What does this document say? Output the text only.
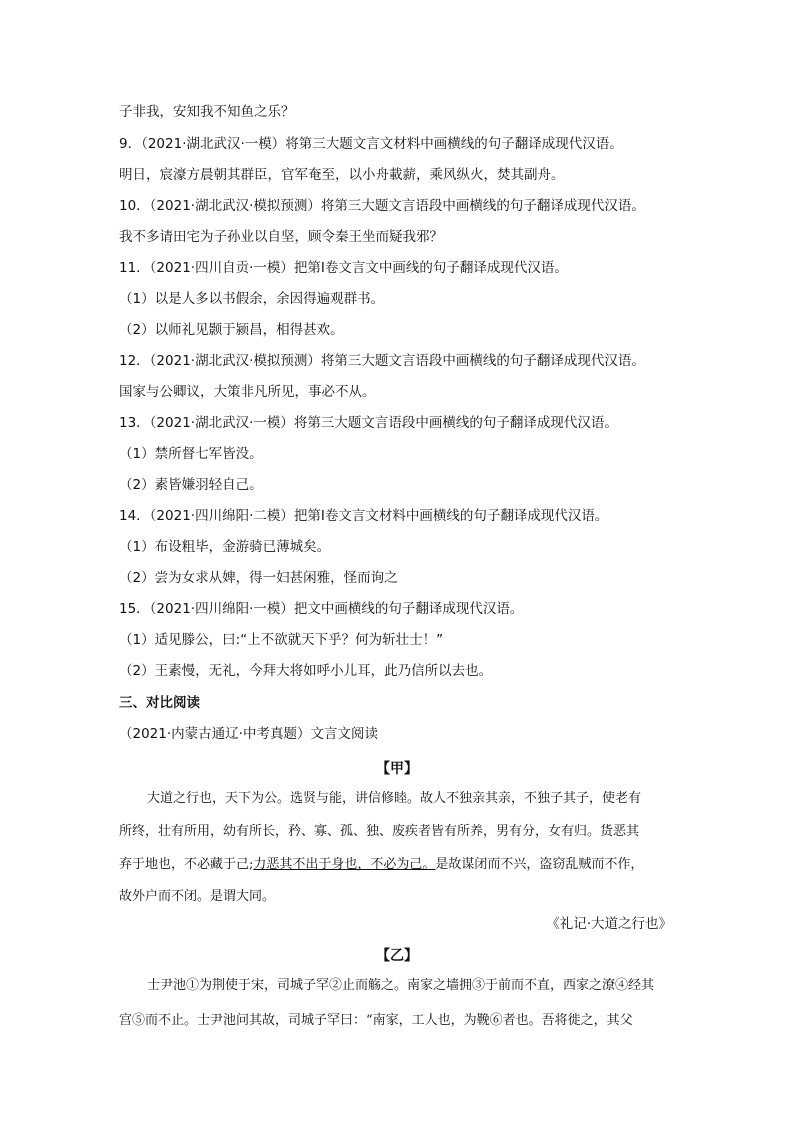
子非我，安知我不知鱼之乐？
9．（2021·湖北武汉·一模）将第三大题文言文材料中画横线的句子翻译成现代汉语。
明日，宸濠方晨朝其群臣，官军奄至，以小舟載薪，乘风纵火，焚其副舟。
10．（2021·湖北武汉·模拟预测）将第三大题文言语段中画横线的句子翻译成现代汉语。
我不多请田宅为子孙业以自坚，顾令秦王坐而疑我邪？
11．（2021·四川自贡·一模）把第Ⅰ卷文言文中画线的句子翻译成现代汉语。
（1）以是人多以书假余，余因得遍观群书。
（2）以师礼见颢于颍昌，相得甚欢。
12．（2021·湖北武汉·模拟预测）将第三大题文言语段中画横线的句子翻译成现代汉语。
国家与公卿议，大策非凡所见，事必不从。
13．（2021·湖北武汉·一模）将第三大题文言语段中画横线的句子翻译成现代汉语。
（1）禁所督七军皆没。
（2）素皆嫌羽轻自己。
14．（2021·四川绵阳·二模）把第Ⅰ卷文言文材料中画横线的句子翻译成现代汉语。
（1）布设粗毕，金游骑已薄城矣。
（2）尝为女求从婢，得一妇甚闲雅，怪而询之
15．（2021·四川绵阳·一模）把文中画横线的句子翻译成现代汉语。
（1）适见滕公，曰:“上不欲就天下乎？何为斩壮士！”
（2）王素慢，无礼，今拜大将如呼小儿耳，此乃信所以去也。
三、对比阅读
（2021·内蒙古通辽·中考真题）文言文阅读
【甲】
大道之行也，天下为公。选贤与能，讲信修睦。故人不独亲其亲，不独子其子，使老有
所终，壮有所用，幼有所长，矜、寡、孤、独、废疾者皆有所养，男有分，女有归。货恶其
弃于地也，不必藏于己;力恶其不出于身也，不必为己。是故谋闭而不兴，盗窃乱贼而不作，
故外户而不闭。是谓大同。
《礼记·大道之行也》
【乙】
士尹池①为荆使于宋，司城子罕②止而觞之。南家之墙拥③于前而不直，西家之潦④经其
宫⑤而不止。士尹池问其故，司城子罕曰：“南家，工人也，为鞔⑥者也。吾将徙之，其父
